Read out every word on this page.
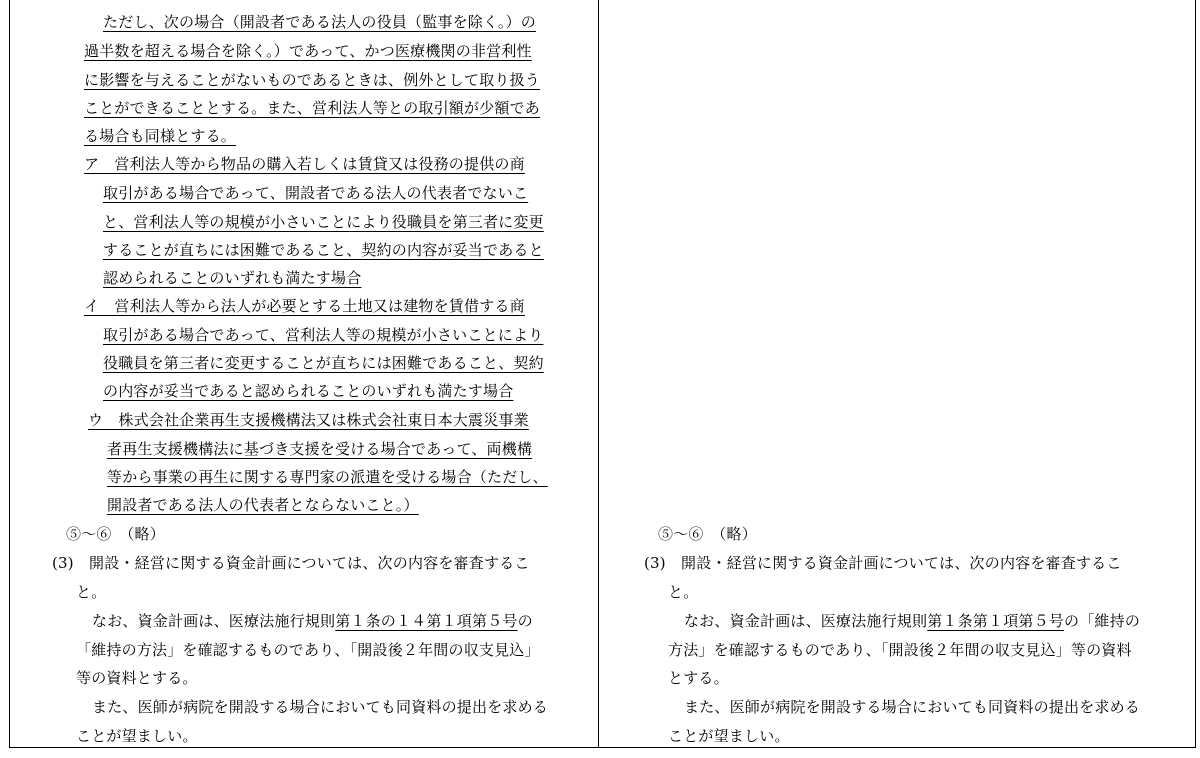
ただし、次の場合（開設者である法人の役員（監事を除く。）の
過半数を超える場合を除く。）であって、かつ医療機関の非営利性
に影響を与えることがないものであるときは、例外として取り扱う
ことができることとする。また、営利法人等との取引額が少額であ
る場合も同様とする。
ア　営利法人等から物品の購入若しくは賃貸又は役務の提供の商
取引がある場合であって、開設者である法人の代表者でないこ
と、営利法人等の規模が小さいことにより役職員を第三者に変更
することが直ちには困難であること、契約の内容が妥当であると
認められることのいずれも満たす場合
イ　営利法人等から法人が必要とする土地又は建物を賃借する商
取引がある場合であって、営利法人等の規模が小さいことにより
役職員を第三者に変更することが直ちには困難であること、契約
の内容が妥当であると認められることのいずれも満たす場合
ウ　株式会社企業再生支援機構法又は株式会社東日本大震災事業
者再生支援機構法に基づき支援を受ける場合であって、両機構
等から事業の再生に関する専門家の派遣を受ける場合（ただし、
開設者である法人の代表者とならないこと。）
⑤～⑥　（略）
(3)　開設・経営に関する資金計画については、次の内容を審査するこ
と。
なお、資金計画は、医療法施行規則第１条の１４第１項第５号の
「維持の方法」を確認するものであり、「開設後２年間の収支見込」
等の資料とする。
また、医師が病院を開設する場合においても同資料の提出を求める
ことが望ましい。
⑤～⑥　（略）
(3)　開設・経営に関する資金計画については、次の内容を審査するこ
と。
なお、資金計画は、医療法施行規則第１条第１項第５号の「維持の
方法」を確認するものであり、「開設後２年間の収支見込」等の資料
とする。
また、医師が病院を開設する場合においても同資料の提出を求める
ことが望ましい。
